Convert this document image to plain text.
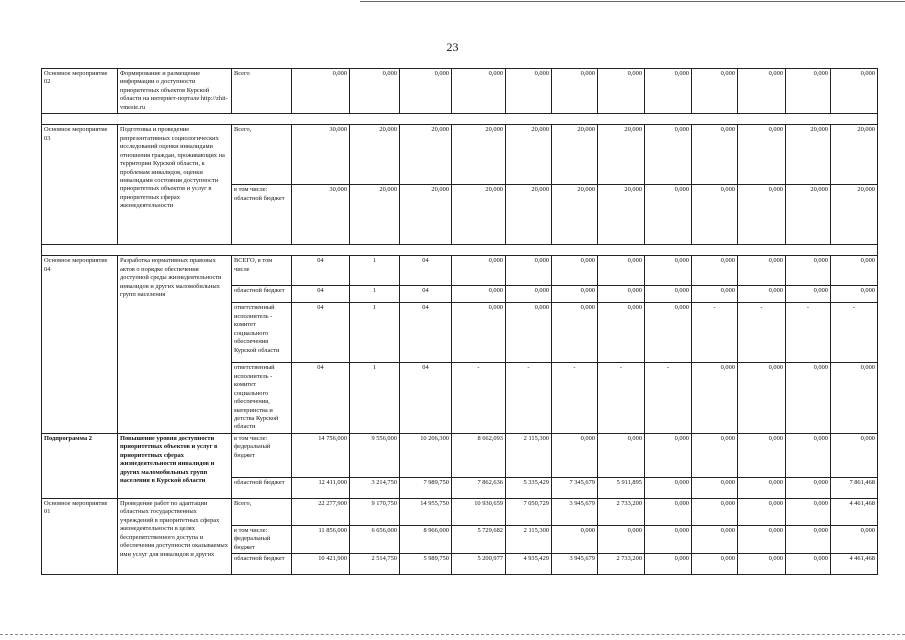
23
Основное мероприятие 02	Формирование и размещение информации о доступности приоритетных объектов Курской области на интернет-портале http://zhit-vmeste.ru	Всего	0,000	0,000	0,000	0,000	0,000	0,000	0,000	0,000	0,000	0,000	0,000	0,000

Основное мероприятие 03	Подготовка и проведение репрезентативных социологических исследований оценки инвалидами отношения граждан, проживающих на территории Курской области, к проблемам инвалидов, оценки инвалидами состояния доступности приоритетных объектов и услуг в приоритетных сферах жизнедеятельности	Всего,	30,000	20,000	20,000	20,000	20,000	20,000	20,000	0,000	0,000	0,000	20,000	20,000
		в том числе: областной бюджет	30,000	20,000	20,000	20,000	20,000	20,000	20,000	0,000	0,000	0,000	20,000	20,000

Основное мероприятие 04	Разработка нормативных правовых актов о порядке обеспечения доступной среды жизнедеятельности инвалидов и других маломобильных групп населения	ВСЕГО, в том числе	04	1	04	0,000	0,000	0,000	0,000	0,000	0,000	0,000	0,000	0,000
		областной бюджет	04	1	04	0,000	0,000	0,000	0,000	0,000	0,000	0,000	0,000	0,000
		ответственный исполнитель - комитет социального обеспечения Курской области	04	1	04	0,000	0,000	0,000	0,000	0,000	-	-	-	-
		ответственный исполнитель - комитет социального обеспечения, материнства и детства Курской области	04	1	04	-	-	-	-	-	0,000	0,000	0,000	0,000
Подпрограмма 2	Повышение уровня доступности приоритетных объектов и услуг в приоритетных сферах жизнедеятельности инвалидов и других маломобильных групп населения в Курской области	в том числе: федеральный бюджет	14 756,000	9 556,000	10 206,300	8 662,093	2 115,300	0,000	0,000	0,000	0,000	0,000	0,000	0,000
		областной бюджет	12 411,000	3 214,750	7 989,750	7 862,636	5 335,429	7 345,679	5 911,895	0,000	0,000	0,000	0,000	7 861,468
Основное мероприятие 01	Проведение работ по адаптации областных государственных учреждений в приоритетных сферах жизнедеятельности в целях беспрепятственного доступа и обеспечения доступности оказываемых ими услуг для инвалидов и других	Всего,	22 277,900	9 170,750	14 955,750	10 930,659	7 050,729	3 945,679	2 733,200	0,000	0,000	0,000	0,000	4 461,468
		в том числе: федеральный бюджет	11 856,000	6 656,000	8 966,000	5 729,682	2 115,300	0,000	0,000	0,000	0,000	0,000	0,000	0,000
		областной бюджет	10 421,900	2 514,750	5 989,750	5 200,977	4 935,429	3 945,679	2 733,200	0,000	0,000	0,000	0,000	4 461,468
